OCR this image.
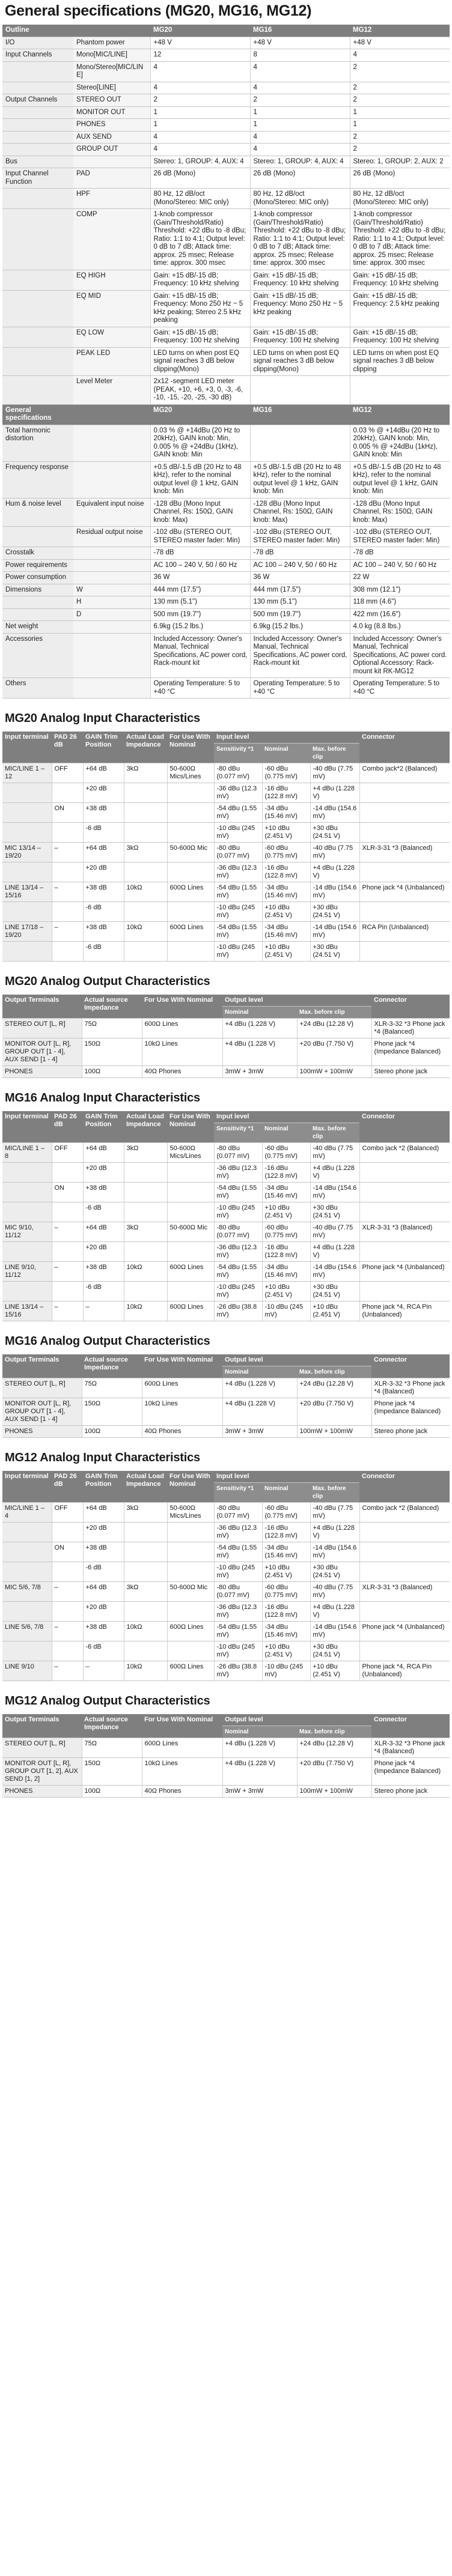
General specifications (MG20, MG16, MG12)
Outline		MG20	MG16	MG12
I/O	Phantom power	+48 V	+48 V	+48 V
Input Channels	Mono[MIC/LINE]	12	8	4
	Mono/Stereo[MIC/LINE]	4	4	2
	Stereo[LINE]	4	4	2
Output Channels	STEREO OUT	2	2	2
	MONITOR OUT	1	1	1
	PHONES	1	1	1
	AUX SEND	4	4	2
	GROUP OUT	4	4	2
Bus		Stereo: 1, GROUP: 4, AUX: 4	Stereo: 1, GROUP: 4, AUX: 4	Stereo: 1, GROUP: 2, AUX: 2
Input Channel Function	PAD	26 dB (Mono)	26 dB (Mono)	26 dB (Mono)
	HPF	80 Hz, 12 dB/oct (Mono/Stereo: MIC only)	80 Hz, 12 dB/oct (Mono/Stereo: MIC only)	80 Hz, 12 dB/oct (Mono/Stereo: MIC only)
	COMP	1-knob compressor (Gain/Threshold/Ratio) Threshold: +22 dBu to -8 dBu; Ratio: 1:1 to 4:1; Output level: 0 dB to 7 dB; Attack time: approx. 25 msec; Release time: approx. 300 msec	1-knob compressor (Gain/Threshold/Ratio) Threshold: +22 dBu to -8 dBu; Ratio: 1:1 to 4:1; Output level: 0 dB to 7 dB; Attack time: approx. 25 msec; Release time: approx. 300 msec	1-knob compressor (Gain/Threshold/Ratio) Threshold: +22 dBu to -8 dBu; Ratio: 1:1 to 4:1; Output level: 0 dB to 7 dB; Attack time: approx. 25 msec; Release time: approx. 300 msec
	EQ HIGH	Gain: +15 dB/-15 dB; Frequency: 10 kHz shelving	Gain: +15 dB/-15 dB; Frequency: 10 kHz shelving	Gain: +15 dB/-15 dB; Frequency: 10 kHz shelving
	EQ MID	Gain: +15 dB/-15 dB; Frequency: Mono 250 Hz ~ 5 kHz peaking; Stereo 2.5 kHz peaking	Gain: +15 dB/-15 dB; Frequency: Mono 250 Hz ~ 5 kHz peaking	Gain: +15 dB/-15 dB; Frequency: 2.5 kHz peaking
	EQ LOW	Gain: +15 dB/-15 dB; Frequency: 100 Hz shelving	Gain: +15 dB/-15 dB; Frequency: 100 Hz shelving	Gain: +15 dB/-15 dB; Frequency: 100 Hz shelving
	PEAK LED	LED turns on when post EQ signal reaches 3 dB below clipping(Mono)	LED turns on when post EQ signal reaches 3 dB below clipping(Mono)	LED turns on when post EQ signal reaches 3 dB below clipping
	Level Meter	2x12 -segment LED meter (PEAK, +10, +6, +3, 0, -3, -6, -10, -15, -20, -25, -30 dB)		
General specifications		MG20	MG16	MG12
Total harmonic distortion		0.03 % @ +14dBu (20 Hz to 20kHz), GAIN knob: Min, 0.005 % @ +24dBu (1kHz), GAIN knob: Min		0.03 % @ +14dBu (20 Hz to 20kHz), GAIN knob: Min, 0.005 % @ +24dBu (1kHz), GAIN knob: Min
Frequency response		+0.5 dB/-1.5 dB (20 Hz to 48 kHz), refer to the nominal output level @ 1 kHz, GAIN knob: Min	+0.5 dB/-1.5 dB (20 Hz to 48 kHz), refer to the nominal output level @ 1 kHz, GAIN knob: Min	+0.5 dB/-1.5 dB (20 Hz to 48 kHz), refer to the nominal output level @ 1 kHz, GAIN knob: Min
Hum & noise level	Equivalent input noise	-128 dBu (Mono Input Channel, Rs: 150Ω, GAIN knob: Max)	-128 dBu (Mono Input Channel, Rs: 150Ω, GAIN knob: Max)	-128 dBu (Mono Input Channel, Rs: 150Ω, GAIN knob: Max)
	Residual output noise	-102 dBu (STEREO OUT, STEREO master fader: Min)	-102 dBu (STEREO OUT, STEREO master fader: Min)	-102 dBu (STEREO OUT, STEREO master fader: Min)
Crosstalk		-78 dB	-78 dB	-78 dB
Power requirements		AC 100 – 240 V, 50 / 60 Hz	AC 100 – 240 V, 50 / 60 Hz	AC 100 – 240 V, 50 / 60 Hz
Power consumption		36 W	36 W	22 W
Dimensions	W	444 mm (17.5")	444 mm (17.5")	308 mm (12.1")
	H	130 mm (5.1")	130 mm (5.1")	118 mm (4.6")
	D	500 mm (19.7")	500 mm (19.7")	422 mm (16.6")
Net weight		6.9kg (15.2 lbs.)	6.9kg (15.2 lbs.)	4.0 kg (8.8 lbs.)
Accessories		Included Accessory: Owner's Manual, Technical Specifications, AC power cord, Rack-mount kit	Included Accessory: Owner's Manual, Technical Specifications, AC power cord, Rack-mount kit	Included Accessory: Owner's Manual, Technical Specifications, AC power cord. Optional Accessory: Rack-mount kit RK-MG12
Others		Operating Temperature: 5 to +40 °C	Operating Temperature: 5 to +40 °C	Operating Temperature: 5 to +40 °C
MG20 Analog Input Characteristics
Input terminal	PAD 26 dB	GAIN Trim Position	Actual Load Impedance	For Use With Nominal	Input level			Connector
					Sensitivity *1	Nominal	Max. before clip	
MIC/LINE 1 – 12	OFF	+64 dB	3kΩ	50-600Ω Mics/Lines	-80 dBu (0.077 mV)	-60 dBu (0.775 mV)	-40 dBu (7.75 mV)	Combo jack*2 (Balanced)
		+20 dB			-36 dBu (12.3 mV)	-16 dBu (122.8 mV)	+4 dBu (1.228 V)	
	ON	+38 dB			-54 dBu (1.55 mV)	-34 dBu (15.46 mV)	-14 dBu (154.6 mV)	
		-6 dB			-10 dBu (245 mV)	+10 dBu (2.451 V)	+30 dBu (24.51 V)	
MIC 13/14 – 19/20	–	+64 dB	3kΩ	50-600Ω Mic	-80 dBu (0.077 mV)	-60 dBu (0.775 mV)	-40 dBu (7.75 mV)	XLR-3-31 *3 (Balanced)
		+20 dB			-36 dBu (12.3 mV)	-16 dBu (122.8 mV)	+4 dBu (1.228 V)	
LINE 13/14 – 15/16	–	+38 dB	10kΩ	600Ω Lines	-54 dBu (1.55 mV)	-34 dBu (15.46 mV)	-14 dBu (154.6 mV)	Phone jack *4 (Unbalanced)
		-6 dB			-10 dBu (245 mV)	+10 dBu (2.451 V)	+30 dBu (24.51 V)	
LINE 17/18 – 19/20	–	+38 dB	10kΩ	600Ω Lines	-54 dBu (1.55 mV)	-34 dBu (15.46 mV)	-14 dBu (154.6 mV)	RCA Pin (Unbalanced)
		-6 dB			-10 dBu (245 mV)	+10 dBu (2.451 V)	+30 dBu (24.51 V)	
MG20 Analog Output Characteristics
Output Terminals	Actual source Impedance	For Use With Nominal	Output level		Connector
			Nominal	Max. before clip	
STEREO OUT [L, R]	75Ω	600Ω Lines	+4 dBu (1.228 V)	+24 dBu (12.28 V)	XLR-3-32 *3 Phone jack *4 (Balanced)
MONITOR OUT [L, R], GROUP OUT [1 - 4], AUX SEND [1 - 4]	150Ω	10kΩ Lines	+4 dBu (1.228 V)	+20 dBu (7.750 V)	Phone jack *4 (Impedance Balanced)
PHONES	100Ω	40Ω Phones	3mW + 3mW	100mW + 100mW	Stereo phone jack
MG16 Analog Input Characteristics
Input terminal	PAD 26 dB	GAIN Trim Position	Actual Load Impedance	For Use With Nominal	Input level			Connector
					Sensitivity *1	Nominal	Max. before clip	
MIC/LINE 1 – 8	OFF	+64 dB	3kΩ	50-600Ω Mics/Lines	-80 dBu (0.077 mV)	-60 dBu (0.775 mV)	-40 dBu (7.75 mV)	Combo jack *2 (Balanced)
		+20 dB			-36 dBu (12.3 mV)	-16 dBu (122.8 mV)	+4 dBu (1.228 V)	
	ON	+38 dB			-54 dBu (1.55 mV)	-34 dBu (15.46 mV)	-14 dBu (154.6 mV)	
		-6 dB			-10 dBu (245 mV)	+10 dBu (2.451 V)	+30 dBu (24.51 V)	
MIC 9/10, 11/12	–	+64 dB	3kΩ	50-600Ω Mic	-80 dBu (0.077 mV)	-60 dBu (0.775 mV)	-40 dBu (7.75 mV)	XLR-3-31 *3 (Balanced)
		+20 dB			-36 dBu (12.3 mV)	-16 dBu (122.8 mV)	+4 dBu (1.228 V)	
LINE 9/10, 11/12	–	+38 dB	10kΩ	600Ω Lines	-54 dBu (1.55 mV)	-34 dBu (15.46 mV)	-14 dBu (154.6 mV)	Phone jack *4 (Unbalanced)
		-6 dB			-10 dBu (245 mV)	+10 dBu (2.451 V)	+30 dBu (24.51 V)	
LINE 13/14 – 15/16	–	–	10kΩ	600Ω Lines	-26 dBu (38.8 mV)	-10 dBu (245 mV)	+10 dBu (2.451 V)	Phone jack *4, RCA Pin (Unbalanced)
MG16 Analog Output Characteristics
Output Terminals	Actual source Impedance	For Use With Nominal	Output level		Connector
			Nominal	Max. before clip	
STEREO OUT [L, R]	75Ω	600Ω Lines	+4 dBu (1.228 V)	+24 dBu (12.28 V)	XLR-3-32 *3 Phone jack *4 (Balanced)
MONITOR OUT [L, R], GROUP OUT [1 - 4], AUX SEND [1 - 4]	150Ω	10kΩ Lines	+4 dBu (1.228 V)	+20 dBu (7.750 V)	Phone jack *4 (Impedance Balanced)
PHONES	100Ω	40Ω Phones	3mW + 3mW	100mW + 100mW	Stereo phone jack
MG12 Analog Input Characteristics
Input terminal	PAD 26 dB	GAIN Trim Position	Actual Load Impedance	For Use With Nominal	Input level			Connector
					Sensitivity *1	Nominal	Max. before clip	
MIC/LINE 1 – 4	OFF	+64 dB	3kΩ	50-600Ω Mics/Lines	-80 dBu (0.077 mV)	-60 dBu (0.775 mV)	-40 dBu (7.75 mV)	Combo jack *2 (Balanced)
		+20 dB			-36 dBu (12.3 mV)	-16 dBu (122.8 mV)	+4 dBu (1.228 V)	
	ON	+38 dB			-54 dBu (1.55 mV)	-34 dBu (15.46 mV)	-14 dBu (154.6 mV)	
		-6 dB			-10 dBu (245 mV)	+10 dBu (2.451 V)	+30 dBu (24.51 V)	
MIC 5/6, 7/8	–	+64 dB	3kΩ	50-600Ω Mic	-80 dBu (0.077 mV)	-60 dBu (0.775 mV)	-40 dBu (7.75 mV)	XLR-3-31 *3 (Balanced)
		+20 dB			-36 dBu (12.3 mV)	-16 dBu (122.8 mV)	+4 dBu (1.228 V)	
LINE 5/6, 7/8	–	+38 dB	10kΩ	600Ω Lines	-54 dBu (1.55 mV)	-34 dBu (15.46 mV)	-14 dBu (154.6 mV)	Phone jack *4 (Unbalanced)
		-6 dB			-10 dBu (245 mV)	+10 dBu (2.451 V)	+30 dBu (24.51 V)	
LINE 9/10	–	–	10kΩ	600Ω Lines	-26 dBu (38.8 mV)	-10 dBu (245 mV)	+10 dBu (2.451 V)	Phone jack *4, RCA Pin (Unbalanced)
MG12 Analog Output Characteristics
Output Terminals	Actual source Impedance	For Use With Nominal	Output level		Connector
			Nominal	Max. before clip	
STEREO OUT [L, R]	75Ω	600Ω Lines	+4 dBu (1.228 V)	+24 dBu (12.28 V)	XLR-3-32 *3 Phone jack *4 (Balanced)
MONITOR OUT [L, R], GROUP OUT [1, 2], AUX SEND [1, 2]	150Ω	10kΩ Lines	+4 dBu (1.228 V)	+20 dBu (7.750 V)	Phone jack *4 (Impedance Balanced)
PHONES	100Ω	40Ω Phones	3mW + 3mW	100mW + 100mW	Stereo phone jack
